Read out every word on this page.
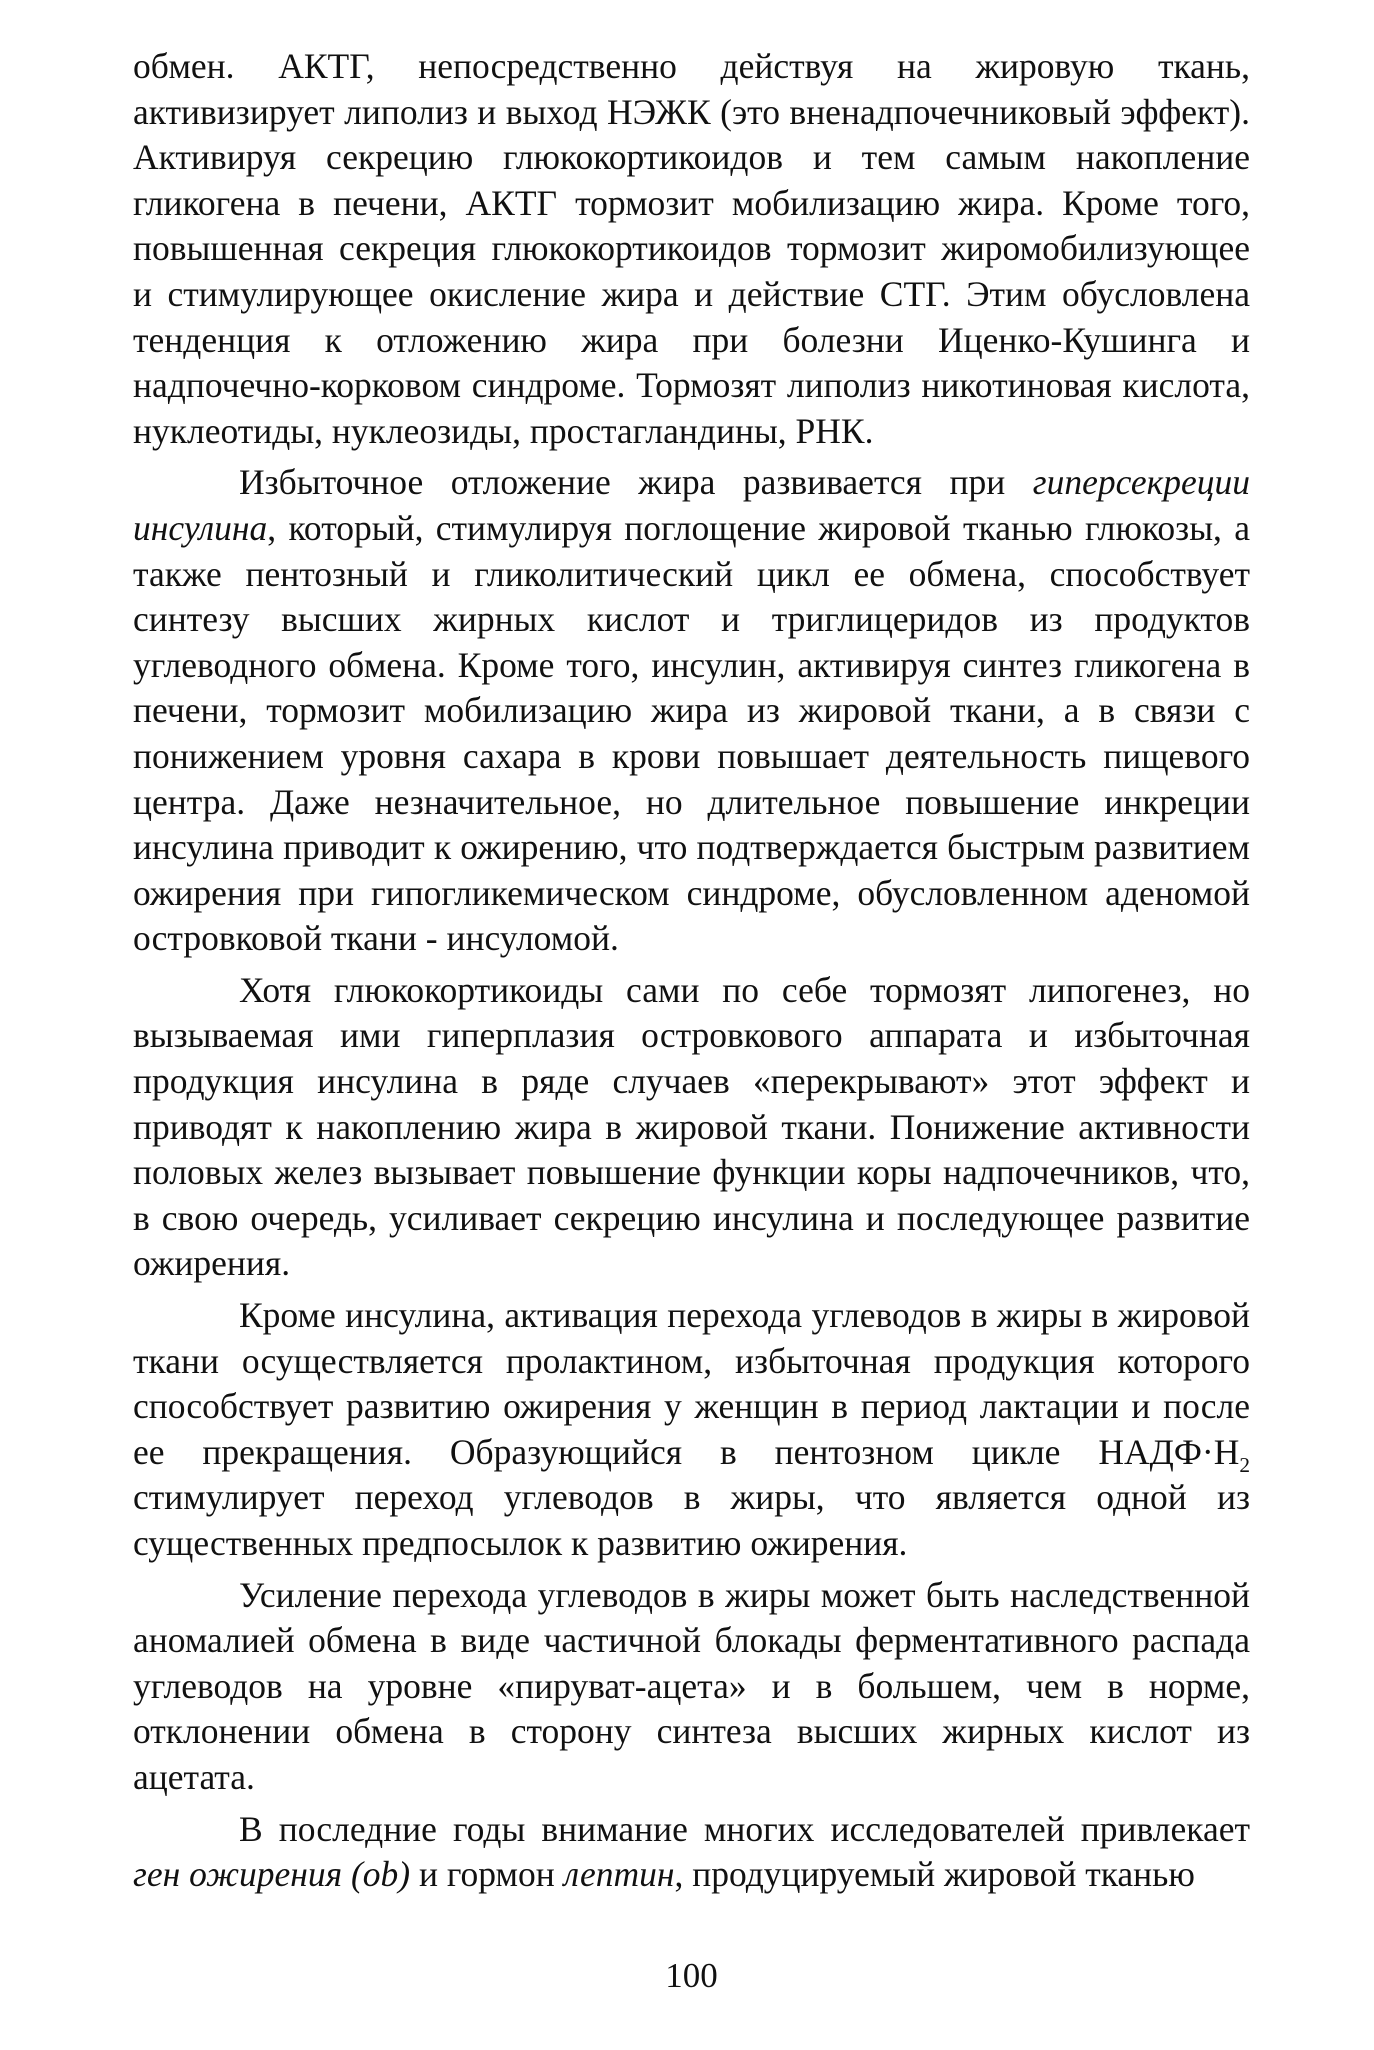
обмен. АКТГ, непосредственно действуя на жировую ткань, активизирует липолиз и выход НЭЖК (это вненадпочечниковый эффект). Активируя секрецию глюкокортикоидов и тем самым накопление гликогена в печени, АКТГ тормозит мобилизацию жира. Кроме того, повышенная секреция глюкокортикоидов тормозит жиромобилизующее и стимулирующее окисление жира и действие СТГ. Этим обусловлена тенденция к отложению жира при болезни Иценко-Кушинга и надпочечно-корковом синдроме. Тормозят липолиз никотиновая кислота, нуклеотиды, нуклеозиды, простагландины, РНК.

Избыточное отложение жира развивается при гиперсекреции инсулина, который, стимулируя поглощение жировой тканью глюкозы, а также пентозный и гликолитический цикл ее обмена, способствует синтезу высших жирных кислот и триглицеридов из продуктов углеводного обмена. Кроме того, инсулин, активируя синтез гликогена в печени, тормозит мобилизацию жира из жировой ткани, а в связи с понижением уровня сахара в крови повышает деятельность пищевого центра. Даже незначительное, но длительное повышение инкреции инсулина приводит к ожирению, что подтверждается быстрым развитием ожирения при гипогликемическом синдроме, обусловленном аденомой островковой ткани - инсуломой.

Хотя глюкокортикоиды сами по себе тормозят липогенез, но вызываемая ими гиперплазия островкового аппарата и избыточная продукция инсулина в ряде случаев «перекрывают» этот эффект и приводят к накоплению жира в жировой ткани. Понижение активности половых желез вызывает повышение функции коры надпочечников, что, в свою очередь, усиливает секрецию инсулина и последующее развитие ожирения.

Кроме инсулина, активация перехода углеводов в жиры в жировой ткани осуществляется пролактином, избыточная продукция которого способствует развитию ожирения у женщин в период лактации и после ее прекращения. Образующийся в пентозном цикле $НАДФ\cdot Н_2$ стимулирует переход углеводов в жиры, что является одной из существенных предпосылок к развитию ожирения.

Усиление перехода углеводов в жиры может быть наследственной аномалией обмена в виде частичной блокады ферментативного распада углеводов на уровне «пируват-ацета» и в большем, чем в норме, отклонении обмена в сторону синтеза высших жирных кислот из ацетата.

В последние годы внимание многих исследователей привлекает ген ожирения (ob) и гормон лептин, продуцируемый жировой тканью

100
